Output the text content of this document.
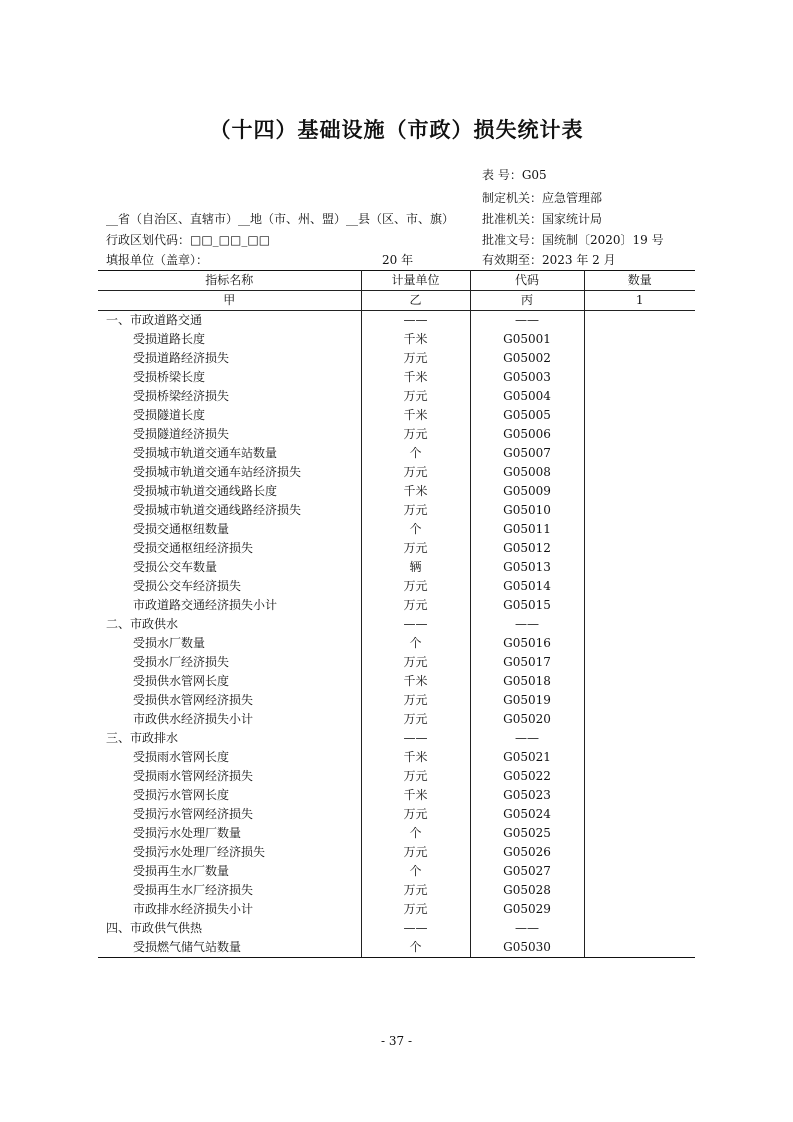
（十四）基础设施（市政）损失统计表
表 号：G05
制定机关：应急管理部
批准机关：国家统计局
批准文号：国统制〔2020〕19 号
有效期至：2023 年 2 月
__省（自治区、直辖市）__地（市、州、盟）__县（区、市、旗）
行政区划代码：□□_□□_□□
填报单位（盖章）：	20 年
指标名称	计量单位	代码	数量
甲	乙	丙	1
一、市政道路交通	——	——	
受损道路长度	千米	G05001	
受损道路经济损失	万元	G05002	
受损桥梁长度	千米	G05003	
受损桥梁经济损失	万元	G05004	
受损隧道长度	千米	G05005	
受损隧道经济损失	万元	G05006	
受损城市轨道交通车站数量	个	G05007	
受损城市轨道交通车站经济损失	万元	G05008	
受损城市轨道交通线路长度	千米	G05009	
受损城市轨道交通线路经济损失	万元	G05010	
受损交通枢纽数量	个	G05011	
受损交通枢纽经济损失	万元	G05012	
受损公交车数量	辆	G05013	
受损公交车经济损失	万元	G05014	
市政道路交通经济损失小计	万元	G05015	
二、市政供水	——	——	
受损水厂数量	个	G05016	
受损水厂经济损失	万元	G05017	
受损供水管网长度	千米	G05018	
受损供水管网经济损失	万元	G05019	
市政供水经济损失小计	万元	G05020	
三、市政排水	——	——	
受损雨水管网长度	千米	G05021	
受损雨水管网经济损失	万元	G05022	
受损污水管网长度	千米	G05023	
受损污水管网经济损失	万元	G05024	
受损污水处理厂数量	个	G05025	
受损污水处理厂经济损失	万元	G05026	
受损再生水厂数量	个	G05027	
受损再生水厂经济损失	万元	G05028	
市政排水经济损失小计	万元	G05029	
四、市政供气供热	——	——	
受损燃气储气站数量	个	G05030	
- 37 -
